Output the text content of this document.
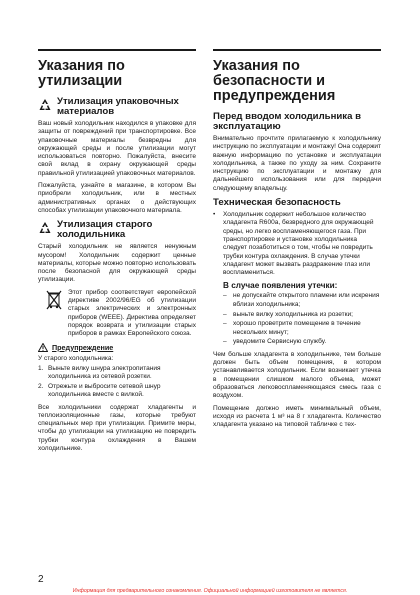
Указания по утилизации
Утилизация упаковочных материалов

Ваш новый холодильник находился в упаковке для защиты от повреждений при транспортировке. Все упаковочные материалы безвредны для окружающей среды и после утилизации могут использоваться повторно. Пожалуйста, внесите свой вклад в охрану окружающей среды правильной утилизацией упаковочных материалов.

Пожалуйста, узнайте в магазине, в котором Вы приобрели холодильник, или в местных административных органах о действующих способах утилизации упаковочного материала.

Утилизация старого холодильника

Старый холодильник не является ненужным мусором! Холодильник содержит ценные материалы, которые можно повторно использовать после безопасной для окружающей среды утилизации.

Этот прибор соответствует европейской директиве 2002/96/EG об утилизации старых электрических и электронных приборов (WEEE). Директива определяет порядок возврата и утилизации старых приборов в рамках Европейского союза.

Предупреждение

У старого холодильника:

1. Выньте вилку шнура электропитания холодильника из сетевой розетки.
2. Отрежьте и выбросите сетевой шнур холодильника вместе с вилкой.

Все холодильники содержат хладагенты и теплоизоляционные газы, которые требуют специальных мер при утилизации. Примите меры, чтобы до утилизации на утилизацию не повредить трубки контура охлаждения в Вашем холодильнике.

Указания по безопасности и предупреждения
Перед вводом холодильника в эксплуатацию

Внимательно прочтите прилагаемую к холодильнику инструкцию по эксплуатации и монтажу! Она содержит важную информацию по установке и эксплуатации холодильника, а также по уходу за ним. Сохраните инструкцию по эксплуатации и монтажу для дальнейшего использования или для передачи следующему владельцу.

Техническая безопасность
• Холодильник содержит небольшое количество хладагента R600a, безвредного для окружающей среды, но легко воспламеняющегося газа. При транспортировке и установке холодильника следует позаботиться о том, чтобы не повредить трубки контура охлаждения. В случае утечки хладагент может вызвать раздражение глаз или воспламениться.
В случае появления утечки:
– не допускайте открытого пламени или искрения вблизи холодильника;
– выньте вилку холодильника из розетки;
– хорошо проветрите помещение в течение нескольких минут;
– уведомите Сервисную службу.

Чем больше хладагента в холодильнике, тем больше должен быть объем помещения, в котором устанавливается холодильник. Если возникает утечка в помещении слишком малого объема, может образоваться легковоспламеняющаяся смесь газа с воздухом.

Помещение должно иметь минимальный объем, исходя из расчета 1 м³ на 8 г хладагента. Количество хладагента указано на типовой табличке с тех-

2
Информация для предварительного ознакомления. Официальной информацией изготовителя не является.
